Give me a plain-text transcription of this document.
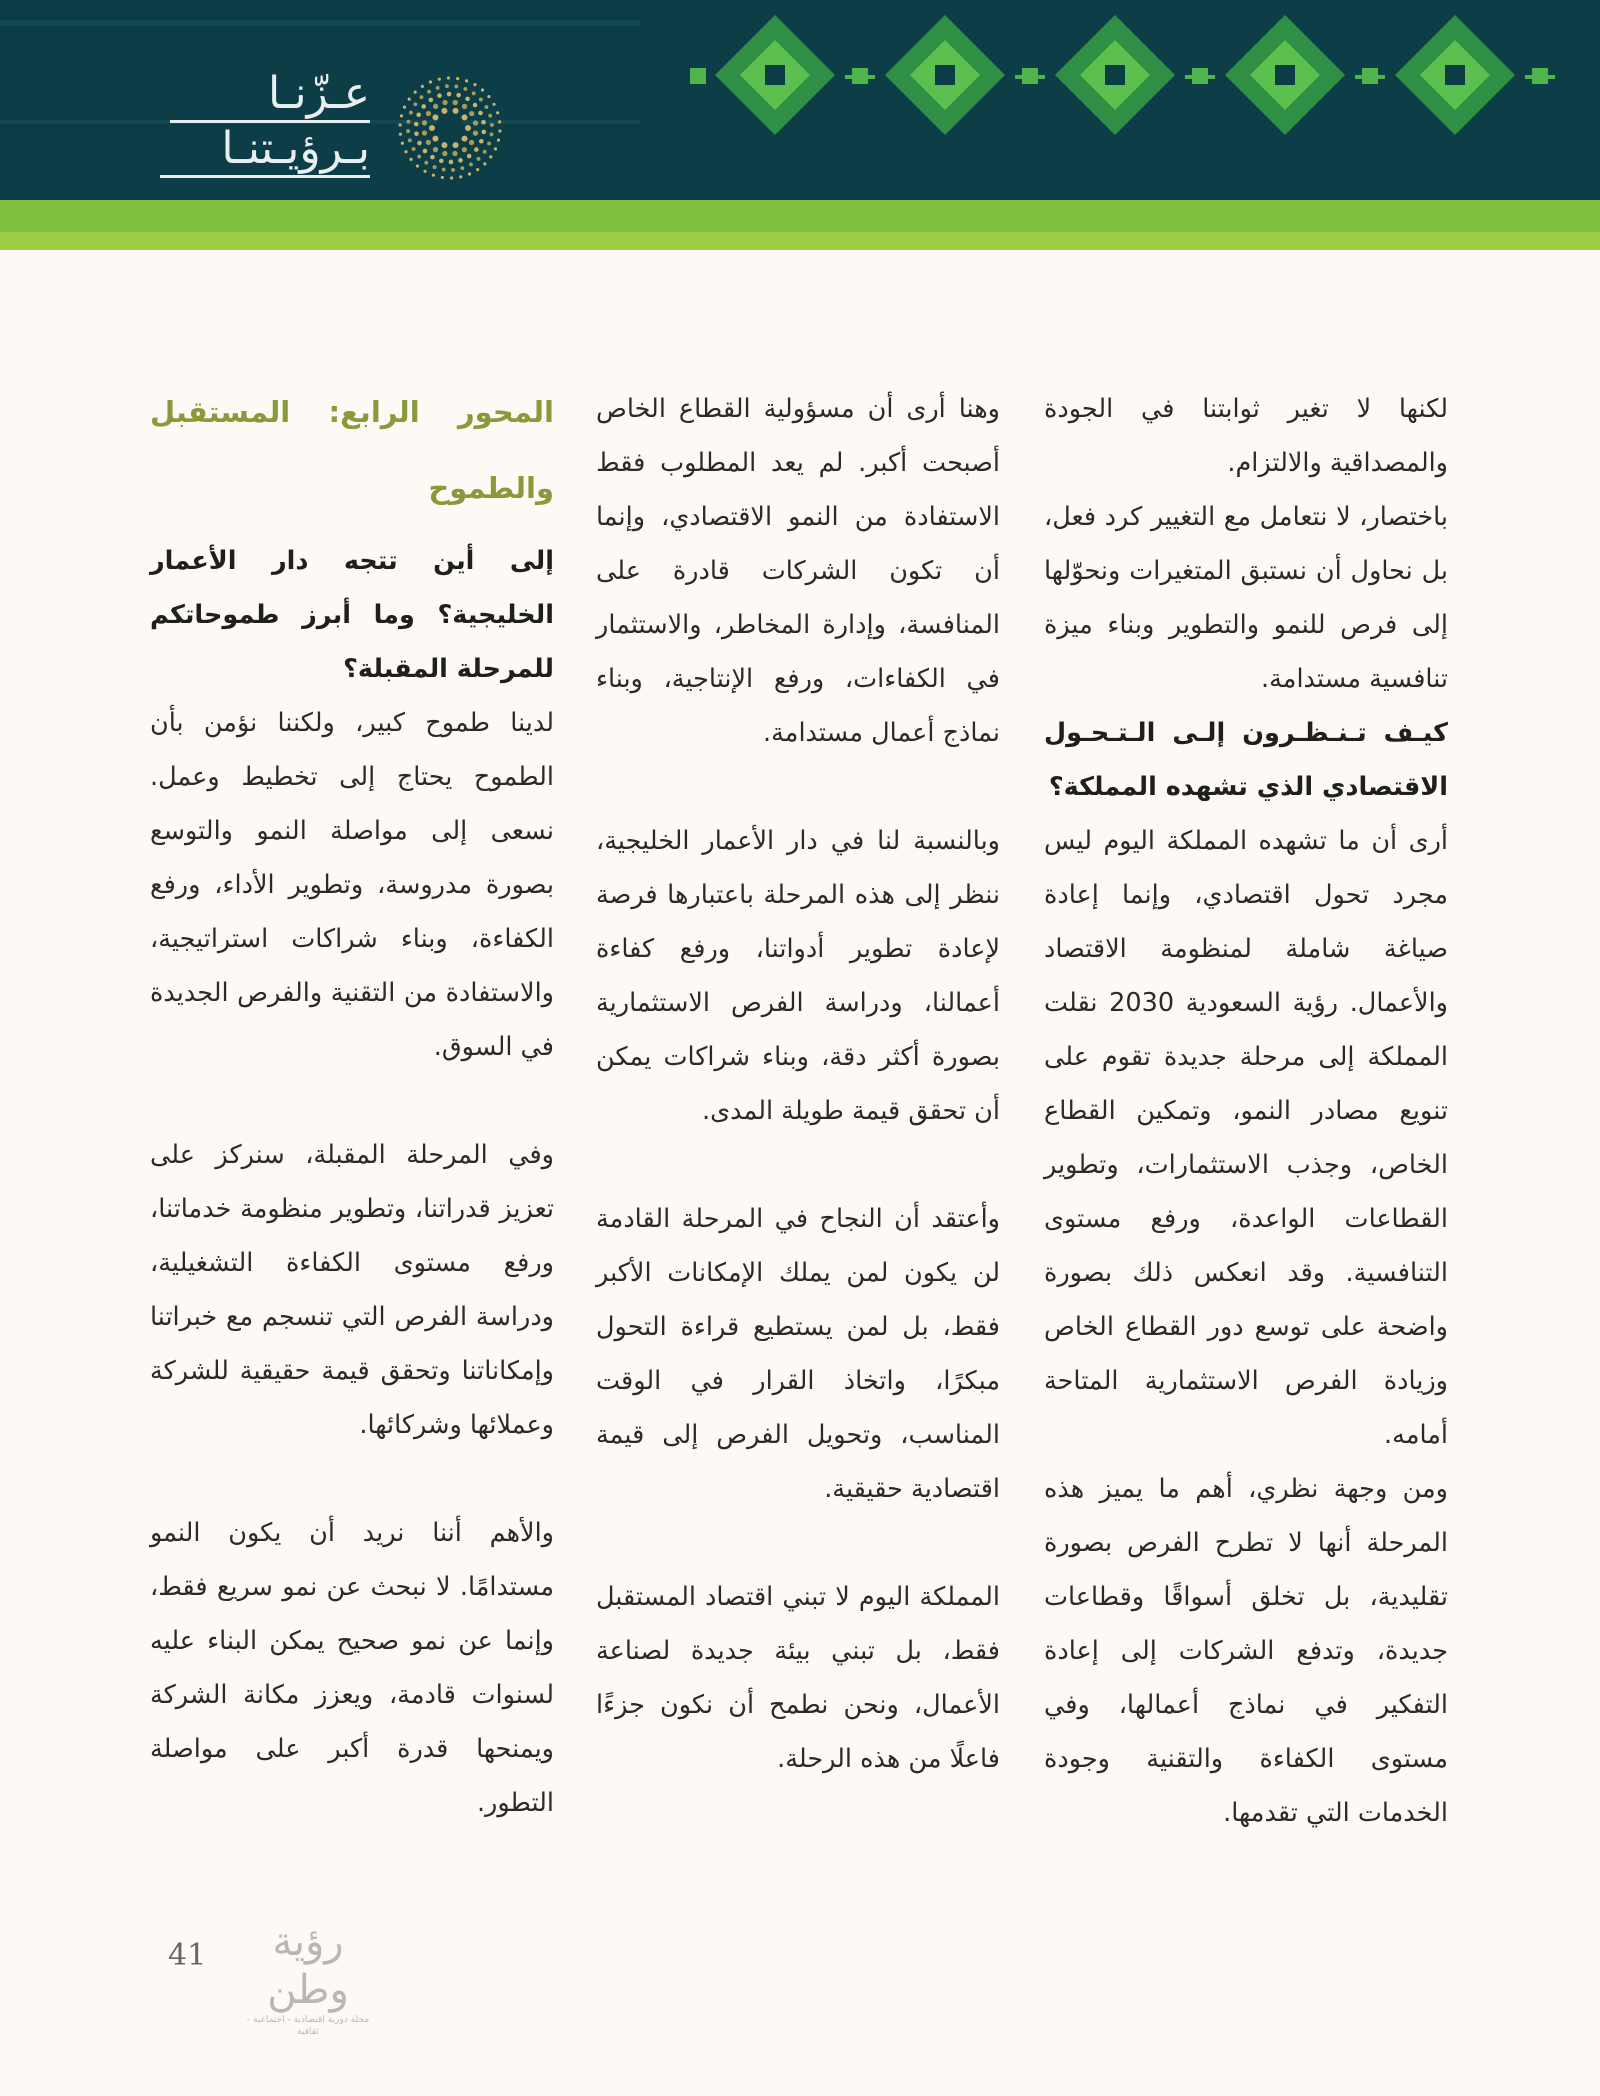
عـزّنـا
بـرؤيـتنـا

لكنها لا تغير ثوابتنا في الجودة والمصداقية والالتزام.

باختصار، لا نتعامل مع التغيير كرد فعل، بل نحاول أن نستبق المتغيرات ونحوّلها إلى فرص للنمو والتطوير وبناء ميزة تنافسية مستدامة.

كيـف تـنـظـرون إلـى الـتـحـول الاقتصادي الذي تشهده المملكة؟

أرى أن ما تشهده المملكة اليوم ليس مجرد تحول اقتصادي، وإنما إعادة صياغة شاملة لمنظومة الاقتصاد والأعمال. رؤية السعودية 2030 نقلت المملكة إلى مرحلة جديدة تقوم على تنويع مصادر النمو، وتمكين القطاع الخاص، وجذب الاستثمارات، وتطوير القطاعات الواعدة، ورفع مستوى التنافسية. وقد انعكس ذلك بصورة واضحة على توسع دور القطاع الخاص وزيادة الفرص الاستثمارية المتاحة أمامه.

ومن وجهة نظري، أهم ما يميز هذه المرحلة أنها لا تطرح الفرص بصورة تقليدية، بل تخلق أسواقًا وقطاعات جديدة، وتدفع الشركات إلى إعادة التفكير في نماذج أعمالها، وفي مستوى الكفاءة والتقنية وجودة الخدمات التي تقدمها.

وهنا أرى أن مسؤولية القطاع الخاص أصبحت أكبر. لم يعد المطلوب فقط الاستفادة من النمو الاقتصادي، وإنما أن تكون الشركات قادرة على المنافسة، وإدارة المخاطر، والاستثمار في الكفاءات، ورفع الإنتاجية، وبناء نماذج أعمال مستدامة.

وبالنسبة لنا في دار الأعمار الخليجية، ننظر إلى هذه المرحلة باعتبارها فرصة لإعادة تطوير أدواتنا، ورفع كفاءة أعمالنا، ودراسة الفرص الاستثمارية بصورة أكثر دقة، وبناء شراكات يمكن أن تحقق قيمة طويلة المدى.

وأعتقد أن النجاح في المرحلة القادمة لن يكون لمن يملك الإمكانات الأكبر فقط، بل لمن يستطيع قراءة التحول مبكرًا، واتخاذ القرار في الوقت المناسب، وتحويل الفرص إلى قيمة اقتصادية حقيقية.

المملكة اليوم لا تبني اقتصاد المستقبل فقط، بل تبني بيئة جديدة لصناعة الأعمال، ونحن نطمح أن نكون جزءًا فاعلًا من هذه الرحلة.

المحور الرابع: المستقبل والطموح

إلى أين تتجه دار الأعمار الخليجية؟ وما أبرز طموحاتكم للمرحلة المقبلة؟

لدينا طموح كبير، ولكننا نؤمن بأن الطموح يحتاج إلى تخطيط وعمل. نسعى إلى مواصلة النمو والتوسع بصورة مدروسة، وتطوير الأداء، ورفع الكفاءة، وبناء شراكات استراتيجية، والاستفادة من التقنية والفرص الجديدة في السوق.

وفي المرحلة المقبلة، سنركز على تعزيز قدراتنا، وتطوير منظومة خدماتنا، ورفع مستوى الكفاءة التشغيلية، ودراسة الفرص التي تنسجم مع خبراتنا وإمكاناتنا وتحقق قيمة حقيقية للشركة وعملائها وشركائها.

والأهم أننا نريد أن يكون النمو مستدامًا. لا نبحث عن نمو سريع فقط، وإنما عن نمو صحيح يمكن البناء عليه لسنوات قادمة، ويعزز مكانة الشركة ويمنحها قدرة أكبر على مواصلة التطور.

41	رؤية وطن
مجلة دورية اقتصادية - اجتماعية - ثقافية
